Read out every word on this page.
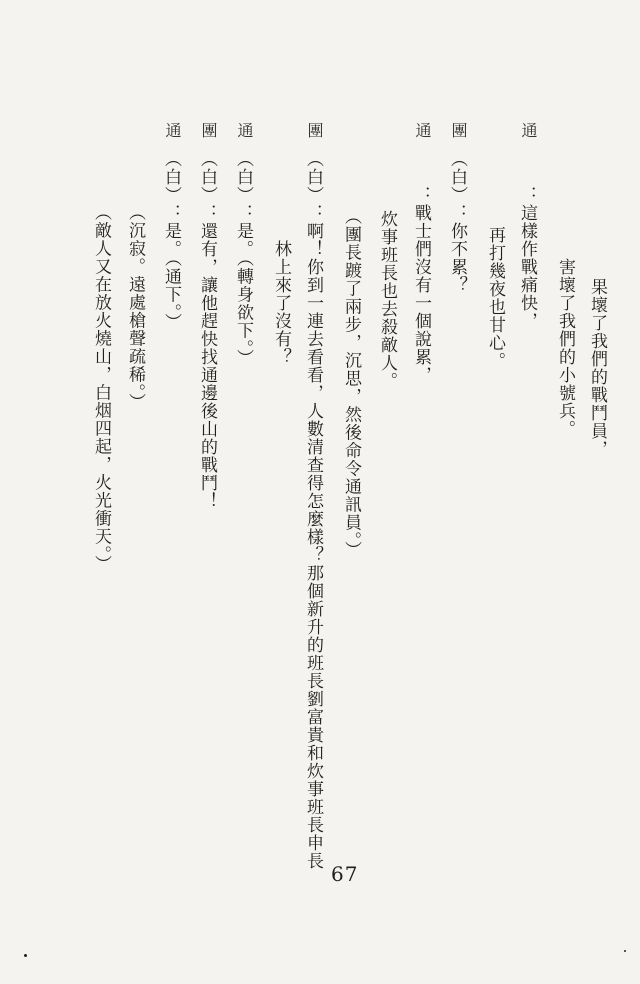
　　　　　　　　　　　　　果壞了我們的戰鬥員，
　　　　　　　　　　　害壞了我們的小號兵。
通
：這樣作戰痛快，
　　　　　　　　　　　　再打幾夜也甘心。
團
（白）：你不累？
通
：戰士們沒有一個說累，
　　　　　　　　　炊事班長也去殺敵人。
　　　　　　　（團長踱了兩步，沉思，然後命令通訊員。）
團
（白）：啊！你到一連去看看，人數清查得怎麼樣？那個新升的班長劉富貴和炊事班長申長
　　　　　林上來了沒有？
通
（白）：是。（轉身欲下。）
團
（白）：還有，讓他趕快找通邊後山的戰鬥！
通
（白）：是。（通下。）
　　　　（沉寂。遠處槍聲疏稀。）
　　　　（敵人又在放火燒山，白烟四起，火光衝天。）
67
